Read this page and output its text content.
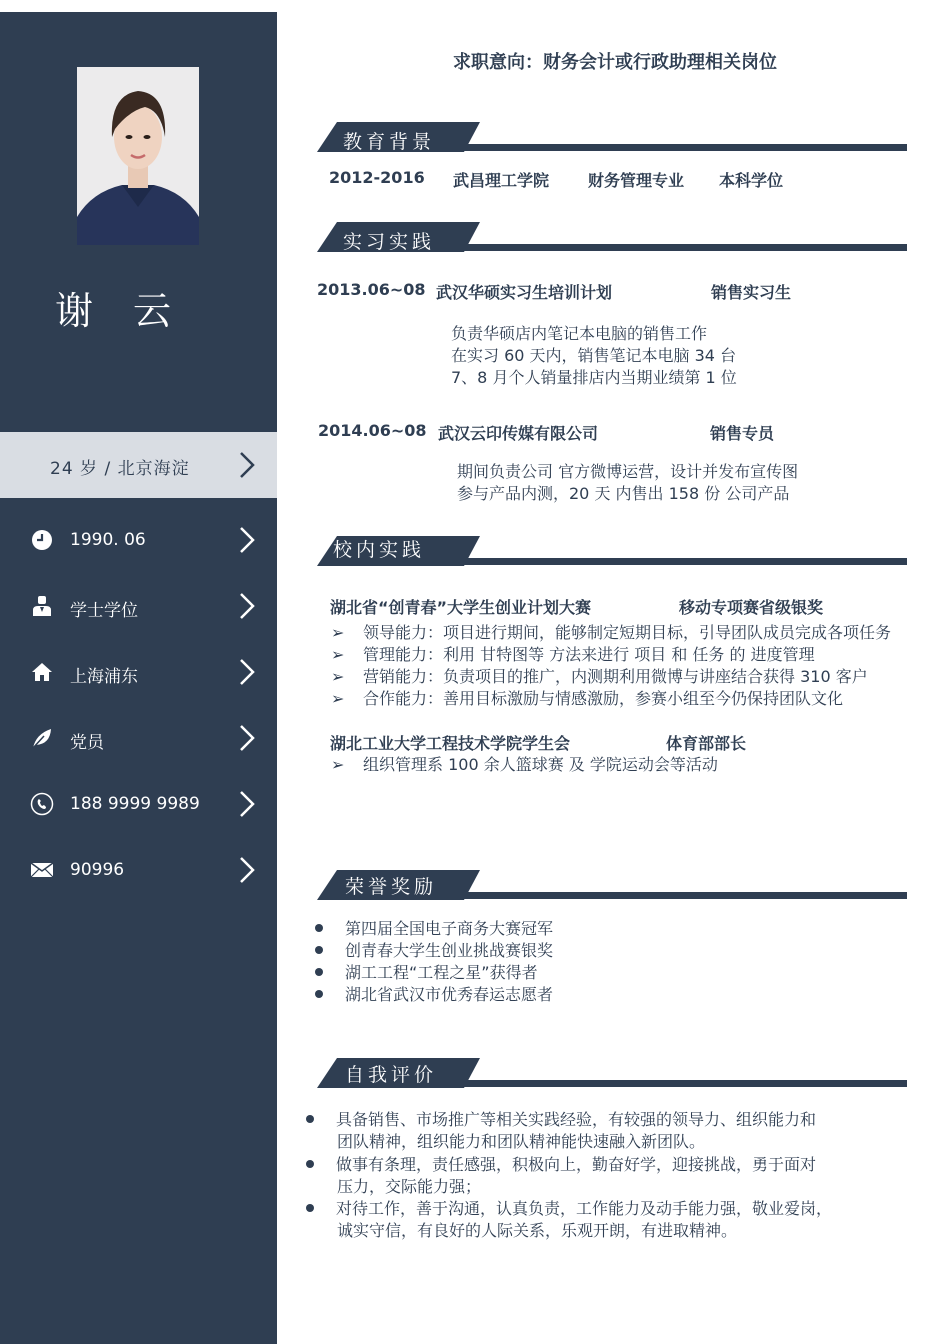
谢 云
24 岁 / 北京海淀
1990. 06
学士学位
上海浦东
党员
188 9999 9989
90996
求职意向：财务会计或行政助理相关岗位
教育背景
2012-2016 武昌理工学院 财务管理专业 本科学位
实习实践
2013.06~08 武汉华硕实习生培训计划	销售实习生
负责华硕店内笔记本电脑的销售工作
在实习 60 天内，销售笔记本电脑 34 台
7、8 月个人销量排店内当期业绩第 1 位
2014.06~08 武汉云印传媒有限公司	销售专员
期间负责公司 官方微博运营，设计并发布宣传图
参与产品内测，20 天 内售出 158 份 公司产品
校内实践
湖北省“创青春”大学生创业计划大赛	移动专项赛省级银奖
➢ 领导能力：项目进行期间，能够制定短期目标，引导团队成员完成各项任务
➢ 管理能力：利用 甘特图等 方法来进行 项目 和 任务 的 进度管理
➢ 营销能力：负责项目的推广，内测期利用微博与讲座结合获得 310 客户
➢ 合作能力：善用目标激励与情感激励，参赛小组至今仍保持团队文化
湖北工业大学工程技术学院学生会	体育部部长
➢ 组织管理系 100 余人篮球赛 及 学院运动会等活动
荣誉奖励
第四届全国电子商务大赛冠军
创青春大学生创业挑战赛银奖
湖工工程“工程之星”获得者
湖北省武汉市优秀春运志愿者
自我评价
具备销售、市场推广等相关实践经验，有较强的领导力、组织能力和
团队精神，组织能力和团队精神能快速融入新团队。
做事有条理，责任感强，积极向上，勤奋好学，迎接挑战，勇于面对
压力，交际能力强；
对待工作，善于沟通，认真负责，工作能力及动手能力强，敬业爱岗，
诚实守信，有良好的人际关系，乐观开朗，有进取精神。
